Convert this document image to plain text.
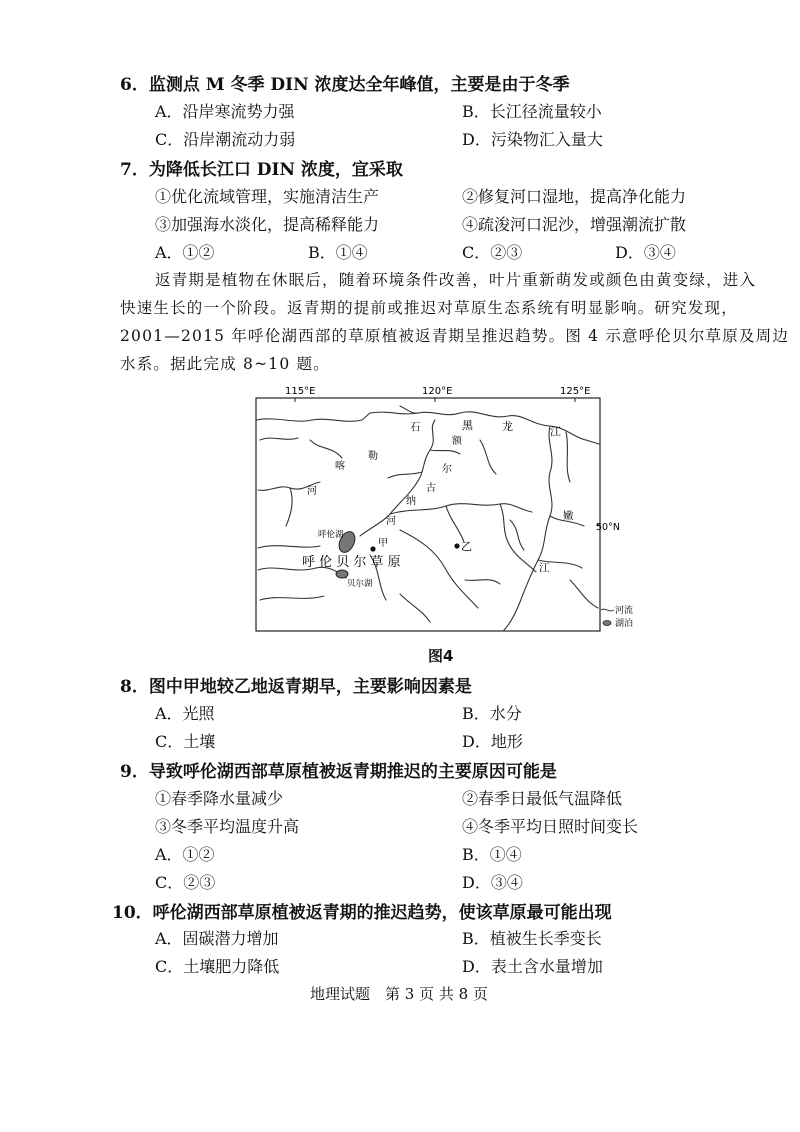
6．监测点 M 冬季 DIN 浓度达全年峰值，主要是由于冬季
A．沿岸寒流势力强	B．长江径流量较小
C．沿岸潮流动力弱	D．污染物汇入量大
7．为降低长江口 DIN 浓度，宜采取
①优化流域管理，实施清洁生产	②修复河口湿地，提高净化能力
③加强海水淡化，提高稀释能力	④疏浚河口泥沙，增强潮流扩散
A．①②	B．①④	C．②③	D．③④
返青期是植物在休眠后，随着环境条件改善，叶片重新萌发或颜色由黄变绿，进入
快速生长的一个阶段。返青期的提前或推迟对草原生态系统有明显影响。研究发现，
2001—2015 年呼伦湖西部的草原植被返青期呈推迟趋势。图 4 示意呼伦贝尔草原及周边
水系。据此完成 8~10 题。
115°E	120°E	125°E
50°N
石	黑	龙	江
额
尔
古
纳
河
喀
勒
河
嫩
江
呼伦湖
贝尔湖
呼 伦 贝 尔 草 原
甲	乙
河流
湖泊
图4
8．图中甲地较乙地返青期早，主要影响因素是
A．光照	B．水分
C．土壤	D．地形
9．导致呼伦湖西部草原植被返青期推迟的主要原因可能是
①春季降水量减少	②春季日最低气温降低
③冬季平均温度升高	④冬季平均日照时间变长
A．①②	B．①④
C．②③	D．③④
10．呼伦湖西部草原植被返青期的推迟趋势，使该草原最可能出现
A．固碳潜力增加	B．植被生长季变长
C．土壤肥力降低	D．表土含水量增加
地理试题　第 3 页 共 8 页
